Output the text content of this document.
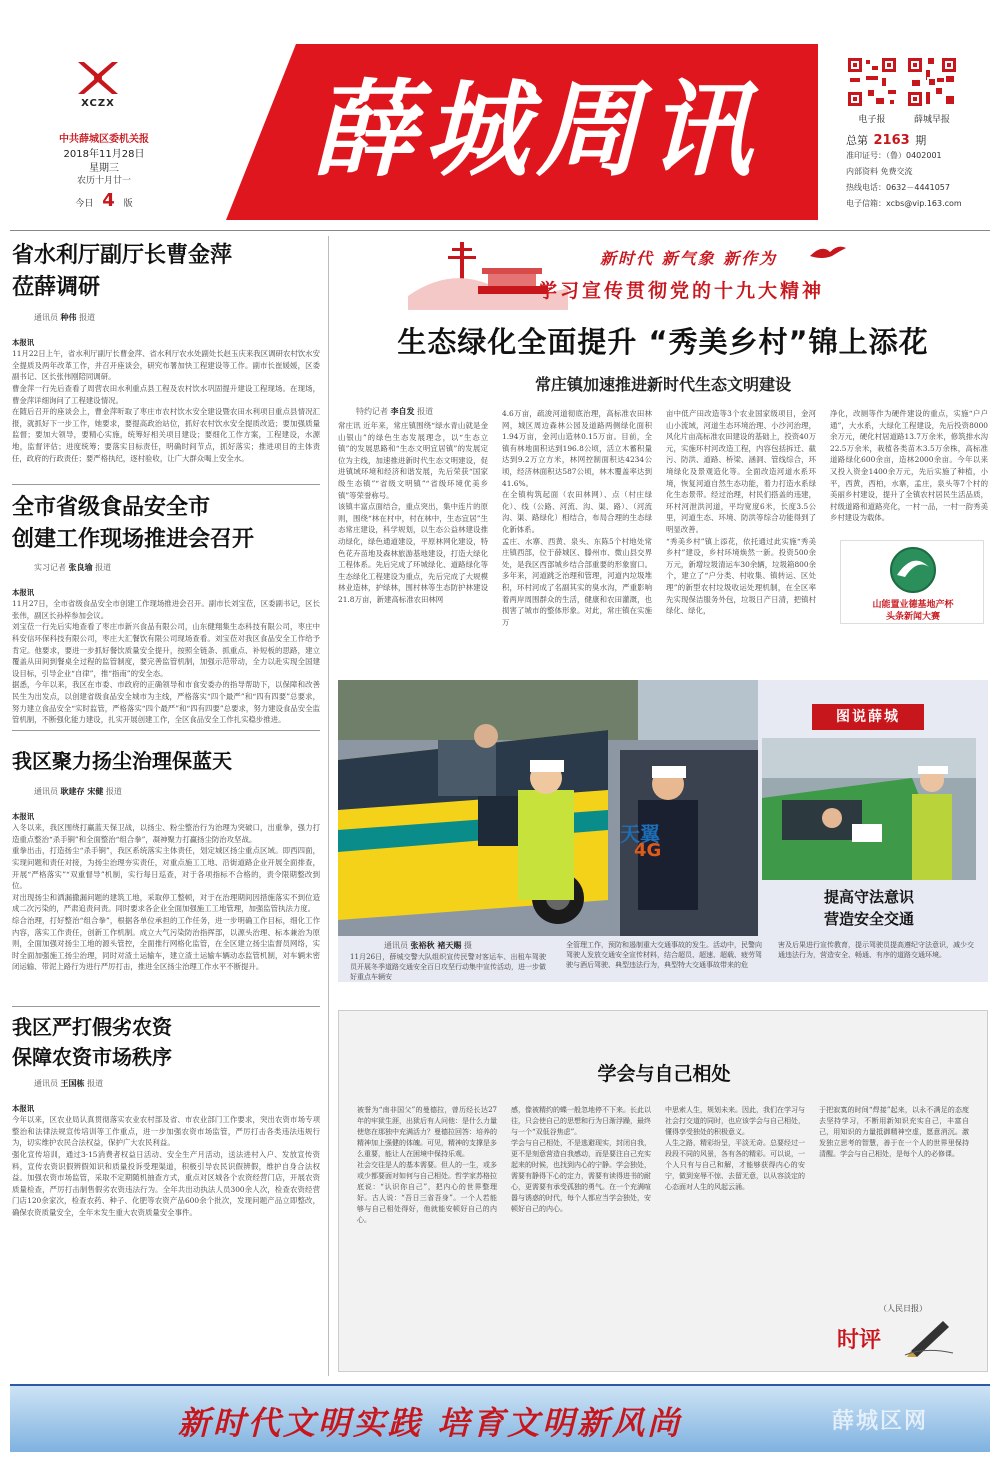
XCZX
中共薛城区委机关报
2018年11月28日
星期三
农历十月廿一
今日 4 版
薛城周讯	电子报	薛城早报
总第 2163 期
准印证号：（鲁）0402001
内部资料 免费交流
热线电话：0632－4441057
电子信箱：xcbs@vip.163.com
省水利厅副厅长曹金萍
莅薛调研
通讯员 种伟 报道

本报讯
11月22日上午，省水利厅副厅长曹金萍、省水利厅农水处副处长赵玉庆来我区调研农村饮水安全提质及两年改革工作，并召开座谈会，研究布署加快工程建设等工作。副市长崔媛媛，区委副书记、区长张伟刚陪同调研。
曹金萍一行先后查看了周营农田水利重点县工程及农村饮水巩固提升建设工程现场。在现场，曹金萍详细询问了工程建设情况。
在随后召开的座谈会上，曹金萍听取了枣庄市农村饮水安全建设暨农田水利项目重点县情况汇报，就抓好下一步工作，她要求，要提高政治站位，抓好农村饮水安全提质改造；要加强质量监督；要加大领导，要精心实施，统筹好相关项目建设；要细化工作方案，工程建设，水源地，监督评估；进度统筹；要落实目标责任，明确时间节点，抓好落实；推进项目的主体责任，政府的行政责任；要严格执纪，逐村验收，让广大群众喝上安全水。

全市省级食品安全市
创建工作现场推进会召开
实习记者 张良瑜 报道

本报讯
11月27日，全市省级食品安全市创建工作现场推进会召开。副市长刘宝莅，区委副书记，区长张伟，副区长孙梓参加会议。
刘宝莅一行先后实地查看了枣庄市新兴食品有限公司，山东健翔集生态科技有限公司，枣庄中科安信环保科技有限公司，枣庄大汇餐饮有限公司现场查看。刘宝莅对我区食品安全工作给予肯定。他要求，要进一步抓好餐饮质量安全提升，按照全链条、抓重点、补短板的思路，建立覆盖从田间到餐桌全过程的监管制度，要完善监管机制，加强示范带动，全力以赴实现全国建设目标，引导企业“自律”，推“指南”的安全态。
据悉，今年以来，我区在市委、市政府的正确领导和市食安委办的指导帮助下，以保障和改善民生为出发点，以创建省级食品安全城市为主线，严格落实“四个最严”和“四有四要”总要求，努力建立食品安全“实时监管，严格落实“四个最严”和“四有四要”总要求，努力建设食品安全监管机制，不断强化能力建设，扎实开展创建工作，全区食品安全工作扎实稳步推进。

我区聚力扬尘治理保蓝天
通讯员 耿建存 宋健 报道

本报讯
入冬以来，我区围绕打赢蓝天保卫战，以扬尘、粉尘整治行为治理为突破口，出重拳，强力打造重点整治“杀手锏”和全面整治“组合拳”，凝神聚力打赢扬尘防治攻坚战。
重拳出击，打造扬尘“杀手锏”，我区系统落实主体责任，划定城区扬尘重点区域。即西四面，实现问题和责任对接，为扬尘治理夯实责任，对重点施工工地、沿街道路企业开展全面排查，开展“严格落实”“双重督导”机制，实行每日巡查，对于各项指标不合格的，责令限期整改到位。
对出现扬尘和洒漏撒漏问题的建筑工地，采取停工整顿，对于在治理期间因措施落实不到位造成二次污染的，严肃追责问责。同时要求各企业全面加强施工工地管理，加强监管执法力度。
综合治理，打好整治“组合拳”，根据各单位承担的工作任务，进一步明确工作目标，细化工作内容，落实工作责任，创新工作机制。成立大气污染防治指挥部，以源头治理、标本兼治为原则，全面加强对扬尘工地的源头管控，全面推行网格化监管，在全区建立扬尘监督员网络，实时全面加强施工扬尘治理，同时对渣土运输车，建立渣土运输车辆动态监管机制，对车辆未密闭运输、带泥上路行为进行严厉打击，推进全区扬尘治理工作水平不断提升。

我区严打假劣农资
保障农资市场秩序
通讯员 王国栋 报道

本报讯
今年以来，区农业局认真贯彻落实农业农村部及省、市农业部门工作要求，突出农资市场专项整治和法律法规宣传培训等工作重点，进一步加强农资市场监管，严厉打击各类违法违规行为，切实维护农民合法权益，保护广大农民利益。
强化宣传培训，通过3·15消费者权益日活动、安全生产月活动，送法进村入户、发放宣传资料，宣传农资识假辨假知识和质量投诉受理渠道，积极引导农民识假辨假，维护自身合法权益。加强农资市场监管，采取不定期随机抽查方式，重点对区城各个农资经营门店，开展农资质量检查，严厉打击制售假劣农资违法行为。全年共出动执法人员300余人次，检查农资经营门店120余家次，检查农药、种子、化肥等农资产品600余个批次，发现问题产品立即整改，确保农资质量安全，全年未发生重大农资质量安全事件。

新时代 新气象 新作为
学习宣传贯彻党的十九大精神
生态绿化全面提升 “秀美乡村”锦上添花
常庄镇加速推进新时代生态文明建设
特约记者 李自发 报道
常庄讯 近年来，常庄镇围绕“绿水青山就是金山银山”的绿色生态发展理念，以“生态立镇”的发展思路和“生态文明宜居镇”的发展定位为主线，加速推进新时代生态文明建设，促进镇域环境和经济和谐发展，先后荣获“国家级生态镇”“省级文明镇”“省级环境优美乡镇”等荣誉称号。
该镇丰富点面结合，重点突出，集中连片的原则，围绕“林在村中，村在林中，生态宜居”生态常庄建设，科学规划，以生态公益林建设推动绿化，绿色通道建设，平原林网化建设，特色花卉苗地及森林旅游基地建设，打造大绿化工程体系。先后完成了环城绿化、道路绿化等生态绿化工程建设为重点，先后完成了大规模林业造林，护绿林，围村林等生态防护林建设21.8万亩，新建高标准农田林网
4.6万亩，疏浚河道彻底治理，高标准农田林网，城区周边森林公园及道路两侧绿化面积1.94万亩，金河山造林0.15万亩。目前，全镇有林地面积达到196.8公顷，活立木蓄积量达到9.2万立方米，林网控制面积达4234公顷，经济林面积达587公顷，林木覆盖率达到41.6%。
在全镇构筑起面（农田林网）、点（村庄绿化）、线（公路、河流、沟、渠、路）、（河流沟、渠、路绿化）相结合，布局合理的生态绿化新体系。
孟庄、水寨、西黄、泉头、东陈5个村地处常庄镇西部，位于薛城区、滕州市、微山县交界处，是我区西部城乡结合部重要的形象窗口。多年来，河道跳乏治理和管理，河道内垃圾堆积，环村河成了名副其实的臭水沟，严重影响着两岸周围群众的生活，健康和农田灌溉，也损害了城市的整体形象。对此，常庄镇在实施万
亩中低产田改造等3个农业国家级项目，金河山小流域，河道生态环境治理、小沙河治理，风化片亩高标准农田建设的基础上，投资40万元，实施环村河改造工程，内容包括拆迁、截污、防洪、道路、桥梁、涵洞、管线综合，环境绿化及景观造化等。全面改造河道水系环境，恢复河道自然生态功能，着力打造水系绿化生态景带。经过治理，村民们搭盖的违建，环村河泄洪河道，平均宽度6米，长度3.5公里，河道生态、环境、防洪等综合功能得到了明显改善。
“秀美乡村”镇上添花，依托通过此实施“秀美乡村”建设，乡村环境焕然一新。投资500余万元，新增垃圾清运车30余辆，垃圾箱800余个，建立了“户分类、村收集、镇转运、区处理”的新型农村垃圾收运处理机制，在全区率先实现保洁服务外包，垃圾日产日清，把镇村绿化、绿化，
净化，改厕等作为硬件建设的重点，实施“户户通”，大水系，大绿化工程建设，先后投资8000余万元，硬化村居道路13.7万余米，修筑排水沟22.5万余米，栽植各类苗木3.5万余株，高标准道路绿化600余亩，造林2000余亩。今年以来又投入资金1400余万元，先后实施了种植，小平，西黄，西柏，水寨，孟庄，泉头等7个村的美丽乡村建设，提升了全镇农村居民生活品质，村级道路和道路亮化，一村一品，一村一韵秀美乡村建设为载体。
山能置业德基地产杯
头条新闻大赛
天翼
4G
图说薛城
提高守法意识
营造安全交通
通讯员 张裕秋 褚天赐 摄
11月26日，薛城交警大队组织宣传民警对客运车、出租车驾驶员开展冬季道路交通安全百日攻坚行动集中宣传活动，进一步做好重点车辆安
全管理工作，预防和遏制重大交通事故的发生。活动中，民警向驾驶人发放交通安全宣传材料，结合超员、超速、超载、疲劳驾驶与酒后驾驶、典型违法行为，典型特大交通事故带来的危
害及后果进行宣传教育，提示驾驶员提高遵纪守法意识，减少交通违法行为，营造安全、畅通、有序的道路交通环境。
学会与自己相处
被誉为“南非国父”的曼德拉，曾历经长达27年的牢狱生涯，出狱后有人问他：是什么力量使您在那独中充满活力？曼德拉回答：培养的精神加上强健的体魄。可见，精神的支撑是多么重要，能让人在困境中保持乐观。
社会交往是人的基本需要。但人的一生，或多或少都要面对如何与自己相处。哲学家苏格拉底说：“认识你自己”，把内心的世界整理好。古人说：“吾日三省吾身”。一个人若能够与自己相处得好，他就能安顿好自己的内心。
感，像被精约的蝶一般忽地停不下来。长此以往，只会使自己的思想和行为日渐浮躁，最终与一个“双低谷焦虑”。
学会与自己相处，不是逃避现实，封闭自我，更不是刻意营造自我感动，而是要注自己充实起来的时候，也找到内心的宁静。学会独处，需要有静得下心的定力，需要有读得进书的耐心，更需要有承受孤独的勇气。在一个充满喧嚣与诱惑的时代，每个人都应当学会独处，安顿好自己的内心。
中思索人生，规划未来。因此，我们在学习与社会打交道的同时，也应该学会与自己相处，懂得享受独处的积极意义。
人生之路，精彩纷呈，平淡无奇。总要经过一段段不同的风景，各有各的精彩。可以说，一个人只有与自己和解，才能够获得内心的安宁，做到宠辱不惊、去留无意，以从容淡定的心态面对人生的风起云涌。
于把寂寞的时间“焊接”起来，以永不满足的态度去坚持学习，不断用新知识充实自己，丰富自己，用知识的力量抵御精神空虚，愿意消沉。激发独立思考的智慧，善于在一个人的世界里保持清醒。学会与自己相处，是每个人的必修课。
（人民日报）
时评
新时代文明实践 培育文明新风尚	薛城区网
